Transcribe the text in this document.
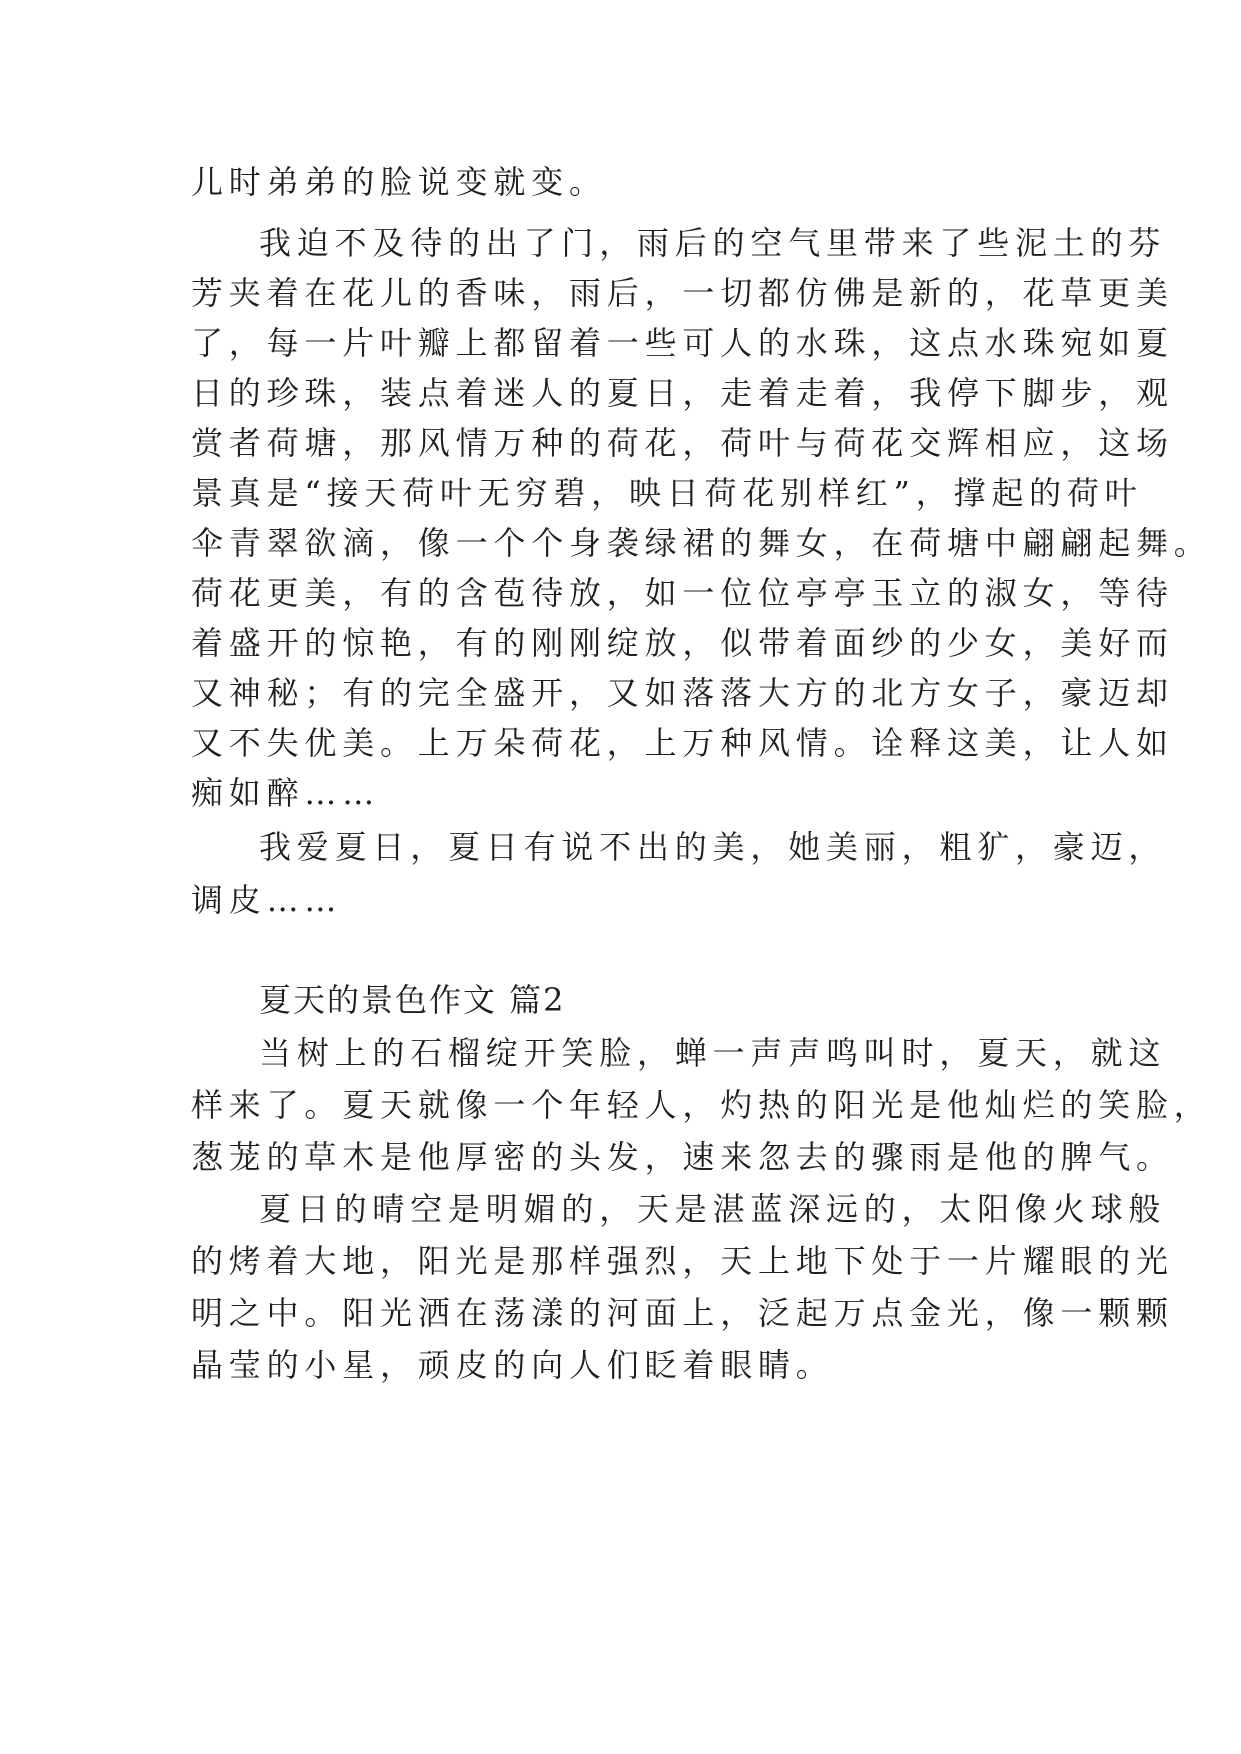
儿时弟弟的脸说变就变。
我迫不及待的出了门，雨后的空气里带来了些泥土的芬
芳夹着在花儿的香味，雨后，一切都仿佛是新的，花草更美
了，每一片叶瓣上都留着一些可人的水珠，这点水珠宛如夏
日的珍珠，装点着迷人的夏日，走着走着，我停下脚步，观
赏者荷塘，那风情万种的荷花，荷叶与荷花交辉相应，这场
景真是“接天荷叶无穷碧，映日荷花别样红”，撑起的荷叶
伞青翠欲滴，像一个个身袭绿裙的舞女，在荷塘中翩翩起舞。
荷花更美，有的含苞待放，如一位位亭亭玉立的淑女，等待
着盛开的惊艳，有的刚刚绽放，似带着面纱的少女，美好而
又神秘；有的完全盛开，又如落落大方的北方女子，豪迈却
又不失优美。上万朵荷花，上万种风情。诠释这美，让人如
痴如醉……
我爱夏日，夏日有说不出的美，她美丽，粗犷，豪迈，
调皮……
夏天的景色作文 篇2
当树上的石榴绽开笑脸，蝉一声声鸣叫时，夏天，就这
样来了。夏天就像一个年轻人，灼热的阳光是他灿烂的笑脸，
葱茏的草木是他厚密的头发，速来忽去的骤雨是他的脾气。
夏日的晴空是明媚的，天是湛蓝深远的，太阳像火球般
的烤着大地，阳光是那样强烈，天上地下处于一片耀眼的光
明之中。阳光洒在荡漾的河面上，泛起万点金光，像一颗颗
晶莹的小星，顽皮的向人们眨着眼睛。
